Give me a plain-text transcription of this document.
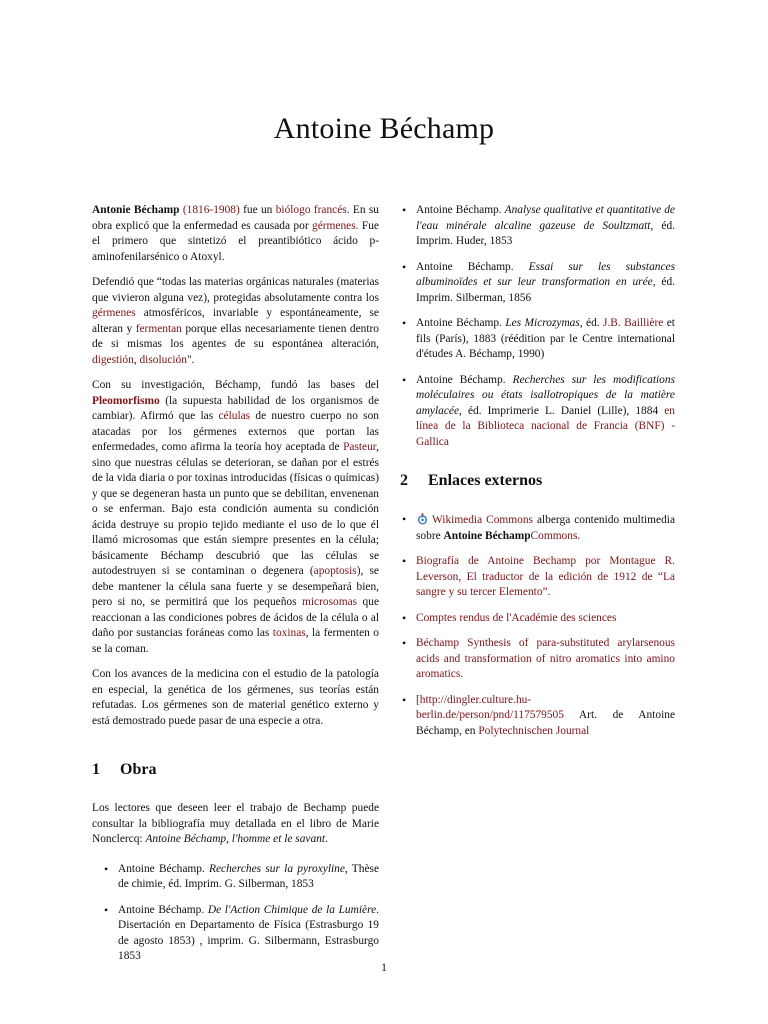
Antoine Béchamp

Antonie Béchamp (1816-1908) fue un biólogo francés. En su obra explicó que la enfermedad es causada por gérmenes. Fue el primero que sintetizó el preantibiótico ácido p-aminofenilarsénico o Atoxyl.

Defendió que “todas las materias orgánicas naturales (materias que vivieron alguna vez), protegidas absolutamente contra los gérmenes atmosféricos, invariable y espontáneamente, se alteran y fermentan porque ellas necesariamente tienen dentro de si mismas los agentes de su espontánea alteración, digestión, disolución".

Con su investigación, Béchamp, fundó las bases del Pleomorfismo (la supuesta habilidad de los organismos de cambiar). Afirmó que las células de nuestro cuerpo no son atacadas por los gérmenes externos que portan las enfermedades, como afirma la teoría hoy aceptada de Pasteur, sino que nuestras células se deterioran, se dañan por el estrés de la vida diaria o por toxinas introducidas (físicas o químicas) y que se degeneran hasta un punto que se debilitan, envenenan o se enferman. Bajo esta condición aumenta su condición ácida destruye su propio tejido mediante el uso de lo que él llamó microsomas que están siempre presentes en la célula; básicamente Béchamp descubrió que las células se autodestruyen si se contaminan o degenera (apoptosis), se debe mantener la célula sana fuerte y se desempeñará bien, pero si no, se permitirá que los pequeños microsomas que reaccionan a las condiciones pobres de ácidos de la célula o al daño por sustancias foráneas como las toxinas, la fermenten o se la coman.

Con los avances de la medicina con el estudio de la patología en especial, la genética de los gérmenes, sus teorías están refutadas. Los gérmenes son de material genético externo y está demostrado puede pasar de una especie a otra.

1 Obra

Los lectores que deseen leer el trabajo de Bechamp puede consultar la bibliografía muy detallada en el libro de Marie Nonclercq: Antoine Béchamp, l'homme et le savant.

• Antoine Béchamp. Recherches sur la pyroxyline, Thèse de chimie, éd. Imprim. G. Silberman, 1853
• Antoine Béchamp. De l'Action Chimique de la Lumière. Disertación en Departamento de Física (Estrasburgo 19 de agosto 1853) , imprim. G. Silbermann, Estrasburgo 1853
• Antoine Béchamp. Analyse qualitative et quantitative de l'eau minérale alcaline gazeuse de Soultzmatt, éd. Imprim. Huder, 1853
• Antoine Béchamp. Essai sur les substances albuminoïdes et sur leur transformation en urée, éd. Imprim. Silberman, 1856
• Antoine Béchamp. Les Microzymas, éd. J.B. Baillière et fils (París), 1883 (réédition par le Centre international d'études A. Béchamp, 1990)
• Antoine Béchamp. Recherches sur les modifications moléculaires ou états isallotropiques de la matière amylacée, éd. Imprimerie L. Daniel (Lille), 1884 en línea de la Biblioteca nacional de Francia (BNF) - Gallica
2 Enlaces externos
• Wikimedia Commons alberga contenido multimedia sobre Antoine BéchampCommons.
• Biografía de Antoine Bechamp por Montague R. Leverson, El traductor de la edición de 1912 de “La sangre y su tercer Elemento”.
• Comptes rendus de l'Académie des sciences
• Béchamp Synthesis of para-substituted arylarsenous acids and transformation of nitro aromatics into amino aromatics.
• [http://dingler.culture.hu-berlin.de/person/pnd/117579505 Art. de Antoine Béchamp, en Polytechnischen Journal
1
